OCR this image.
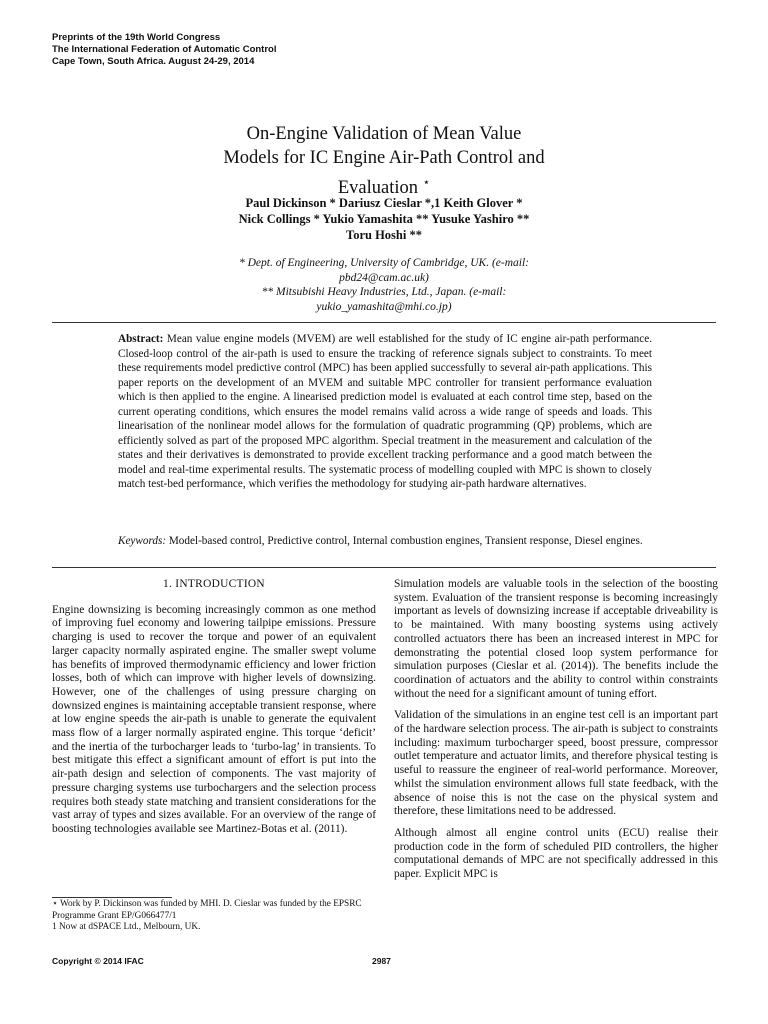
Preprints of the 19th World Congress
The International Federation of Automatic Control
Cape Town, South Africa. August 24-29, 2014
On-Engine Validation of Mean Value
Models for IC Engine Air-Path Control and
Evaluation ⋆
Paul Dickinson * Dariusz Cieslar *,1 Keith Glover *
Nick Collings * Yukio Yamashita ** Yusuke Yashiro **
Toru Hoshi **
* Dept. of Engineering, University of Cambridge, UK. (e-mail:
pbd24@cam.ac.uk)
** Mitsubishi Heavy Industries, Ltd., Japan. (e-mail:
yukio_yamashita@mhi.co.jp)
Abstract: Mean value engine models (MVEM) are well established for the study of IC engine air-path performance. Closed-loop control of the air-path is used to ensure the tracking of reference signals subject to constraints. To meet these requirements model predictive control (MPC) has been applied successfully to several air-path applications. This paper reports on the development of an MVEM and suitable MPC controller for transient performance evaluation which is then applied to the engine. A linearised prediction model is evaluated at each control time step, based on the current operating conditions, which ensures the model remains valid across a wide range of speeds and loads. This linearisation of the nonlinear model allows for the formulation of quadratic programming (QP) problems, which are efficiently solved as part of the proposed MPC algorithm. Special treatment in the measurement and calculation of the states and their derivatives is demonstrated to provide excellent tracking performance and a good match between the model and real-time experimental results. The systematic process of modelling coupled with MPC is shown to closely match test-bed performance, which verifies the methodology for studying air-path hardware alternatives.
Keywords: Model-based control, Predictive control, Internal combustion engines, Transient response, Diesel engines.
1. INTRODUCTION

Engine downsizing is becoming increasingly common as one method of improving fuel economy and lowering tailpipe emissions. Pressure charging is used to recover the torque and power of an equivalent larger capacity normally aspirated engine. The smaller swept volume has benefits of improved thermodynamic efficiency and lower friction losses, both of which can improve with higher levels of downsizing. However, one of the challenges of using pressure charging on downsized engines is maintaining acceptable transient response, where at low engine speeds the air-path is unable to generate the equivalent mass flow of a larger normally aspirated engine. This torque ‘deficit’ and the inertia of the turbocharger leads to ‘turbo-lag’ in transients. To best mitigate this effect a significant amount of effort is put into the air-path design and selection of components. The vast majority of pressure charging systems use turbochargers and the selection process requires both steady state matching and transient considerations for the vast array of types and sizes available. For an overview of the range of boosting technologies available see Martinez-Botas et al. (2011).

Simulation models are valuable tools in the selection of the boosting system. Evaluation of the transient response is becoming increasingly important as levels of downsizing increase if acceptable driveability is to be maintained. With many boosting systems using actively controlled actuators there has been an increased interest in MPC for demonstrating the potential closed loop system performance for simulation purposes (Cieslar et al. (2014)). The benefits include the coordination of actuators and the ability to control within constraints without the need for a significant amount of tuning effort.

Validation of the simulations in an engine test cell is an important part of the hardware selection process. The air-path is subject to constraints including: maximum turbocharger speed, boost pressure, compressor outlet temperature and actuator limits, and therefore physical testing is useful to reassure the engineer of real-world performance. Moreover, whilst the simulation environment allows full state feedback, with the absence of noise this is not the case on the physical system and therefore, these limitations need to be addressed.

Although almost all engine control units (ECU) realise their production code in the form of scheduled PID controllers, the higher computational demands of MPC are not specifically addressed in this paper. Explicit MPC is

⋆ Work by P. Dickinson was funded by MHI. D. Cieslar was funded by the EPSRC Programme Grant EP/G066477/1
1 Now at dSPACE Ltd., Melbourn, UK.
Copyright © 2014 IFAC	2987
